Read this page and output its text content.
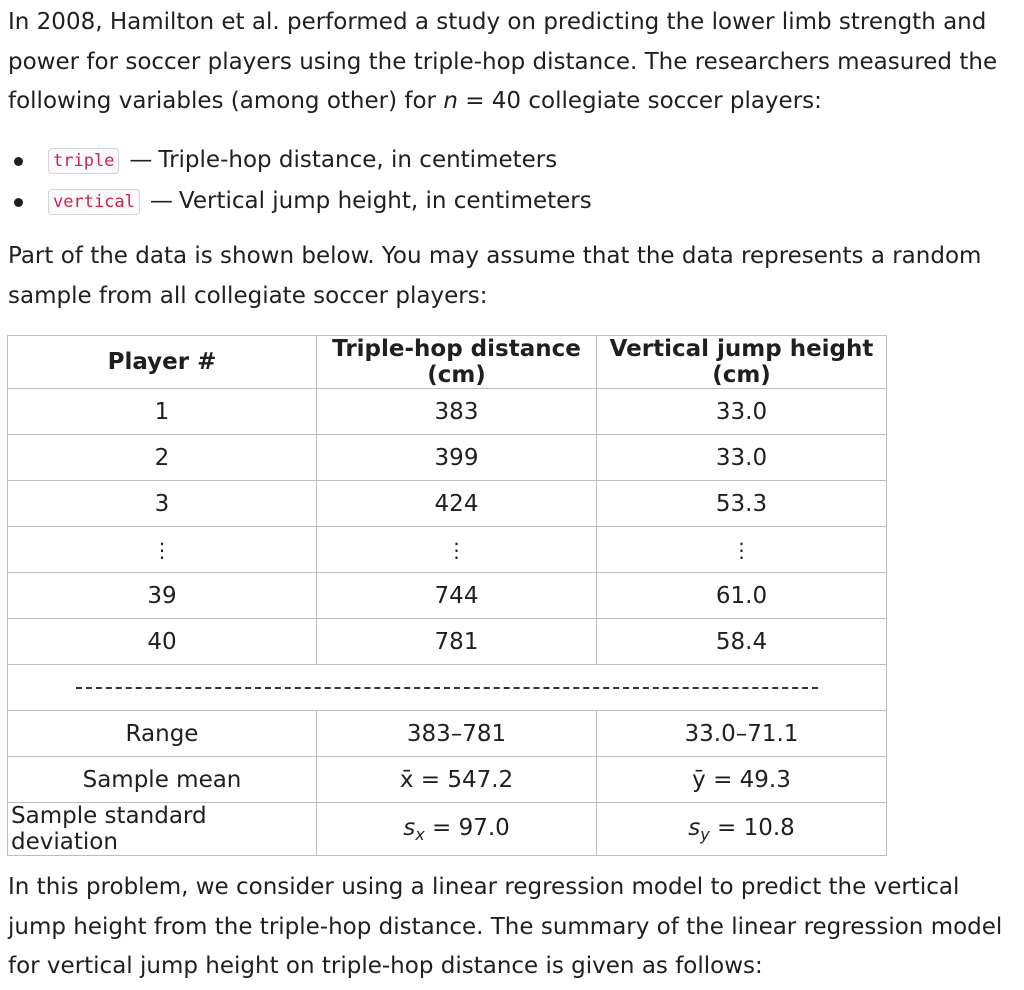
In 2008, Hamilton et al. performed a study on predicting the lower limb strength and power for soccer players using the triple-hop distance. The researchers measured the following variables (among other) for n = 40 collegiate soccer players:
triple — Triple-hop distance, in centimeters
vertical — Vertical jump height, in centimeters
Part of the data is shown below. You may assume that the data represents a random sample from all collegiate soccer players:
Player #	Triple-hop distance (cm)	Vertical jump height (cm)
1	383	33.0
2	399	33.0
3	424	53.3
⋮	⋮	⋮
39	744	61.0
40	781	58.4

Range	383–781	33.0–71.1
Sample mean	x̄ = 547.2	ȳ = 49.3
Sample standard deviation	$s_x = 97.0$	$s_y = 10.8$
In this problem, we consider using a linear regression model to predict the vertical jump height from the triple-hop distance. The summary of the linear regression model for vertical jump height on triple-hop distance is given as follows:
